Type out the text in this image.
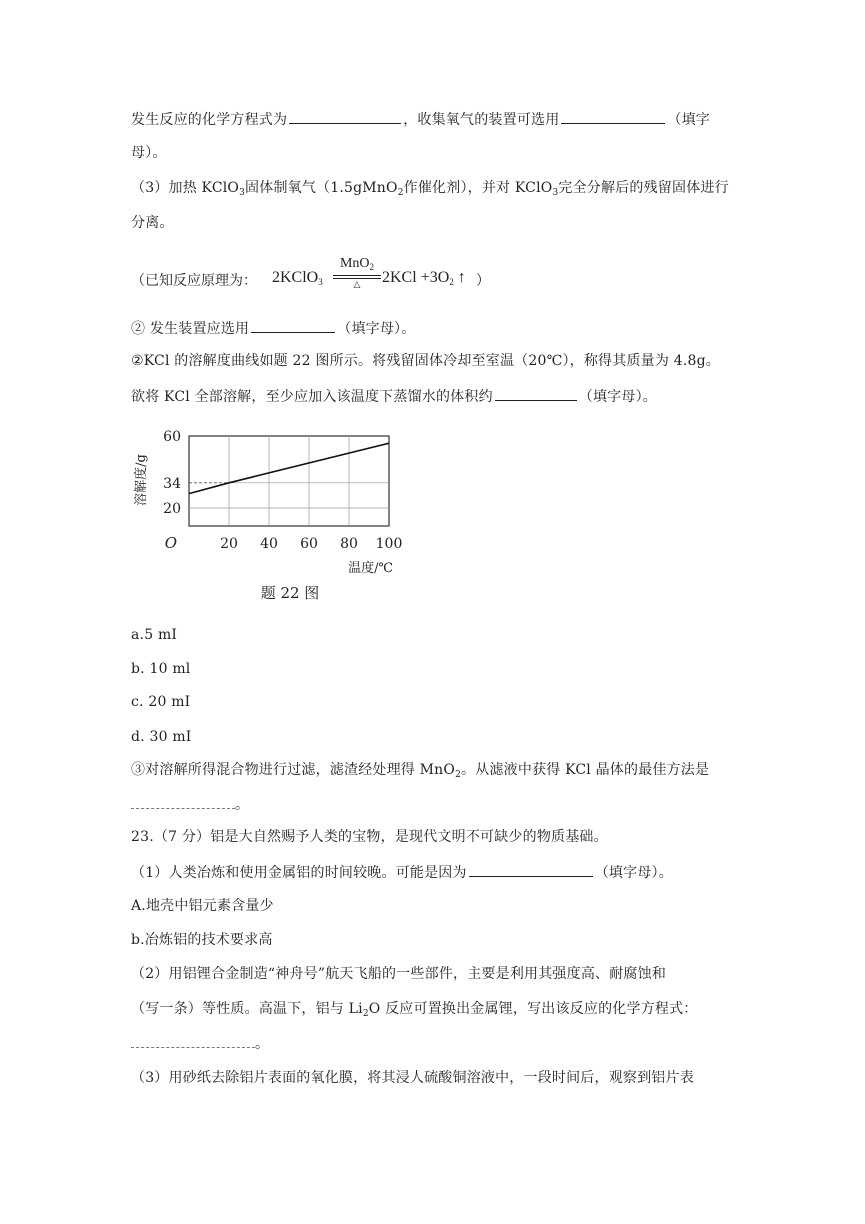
发生反应的化学方程式为	，收集氧气的装置可选用	（填字
母）。
（3）加热 KClO$_3$固体制氧气（1.5gMnO$_2$作催化剂），并对 KClO$_3$完全分解后的残留固体进行
分离。
（已知反应原理为： 2KClO$_3$
MnO$_2$
△	$2KCl +3O_2$ ↑ ）
② 发生装置应选用	（填字母）。
②KCl 的溶解度曲线如题 22 图所示。将残留固体冷却至室温（20℃），称得其质量为 4.8g。
欲将 KCl 全部溶解，至少应加入该温度下蒸馏水的体积约	（填字母）。
20
34
60
20 40 60 80 100
O
溶解度/g
温度/℃
题 22 图
a.5 mI
b. 10 ml
c. 20 mI
d. 30 mI
③对溶解所得混合物进行过滤，滤渣经处理得 MnO$_2$。从滤液中获得 KCl 晶体的最佳方法是
。
23.（7 分）铝是大自然赐予人类的宝物，是现代文明不可缺少的物质基础。
（1）人类冶炼和使用金属铝的时间较晚。可能是因为	（填字母）。
A.地壳中铝元素含量少
b.冶炼铝的技术要求高
（2）用铝锂合金制造“神舟号”航天飞船的一些部件，主要是利用其强度高、耐腐蚀和
（写一条）等性质。高温下，铝与 $Li_2O$ 反应可置换出金属锂，写出该反应的化学方程式：
。
（3）用砂纸去除铝片表面的氧化膜，将其浸人硫酸铜溶液中，一段时间后，观察到铝片表
